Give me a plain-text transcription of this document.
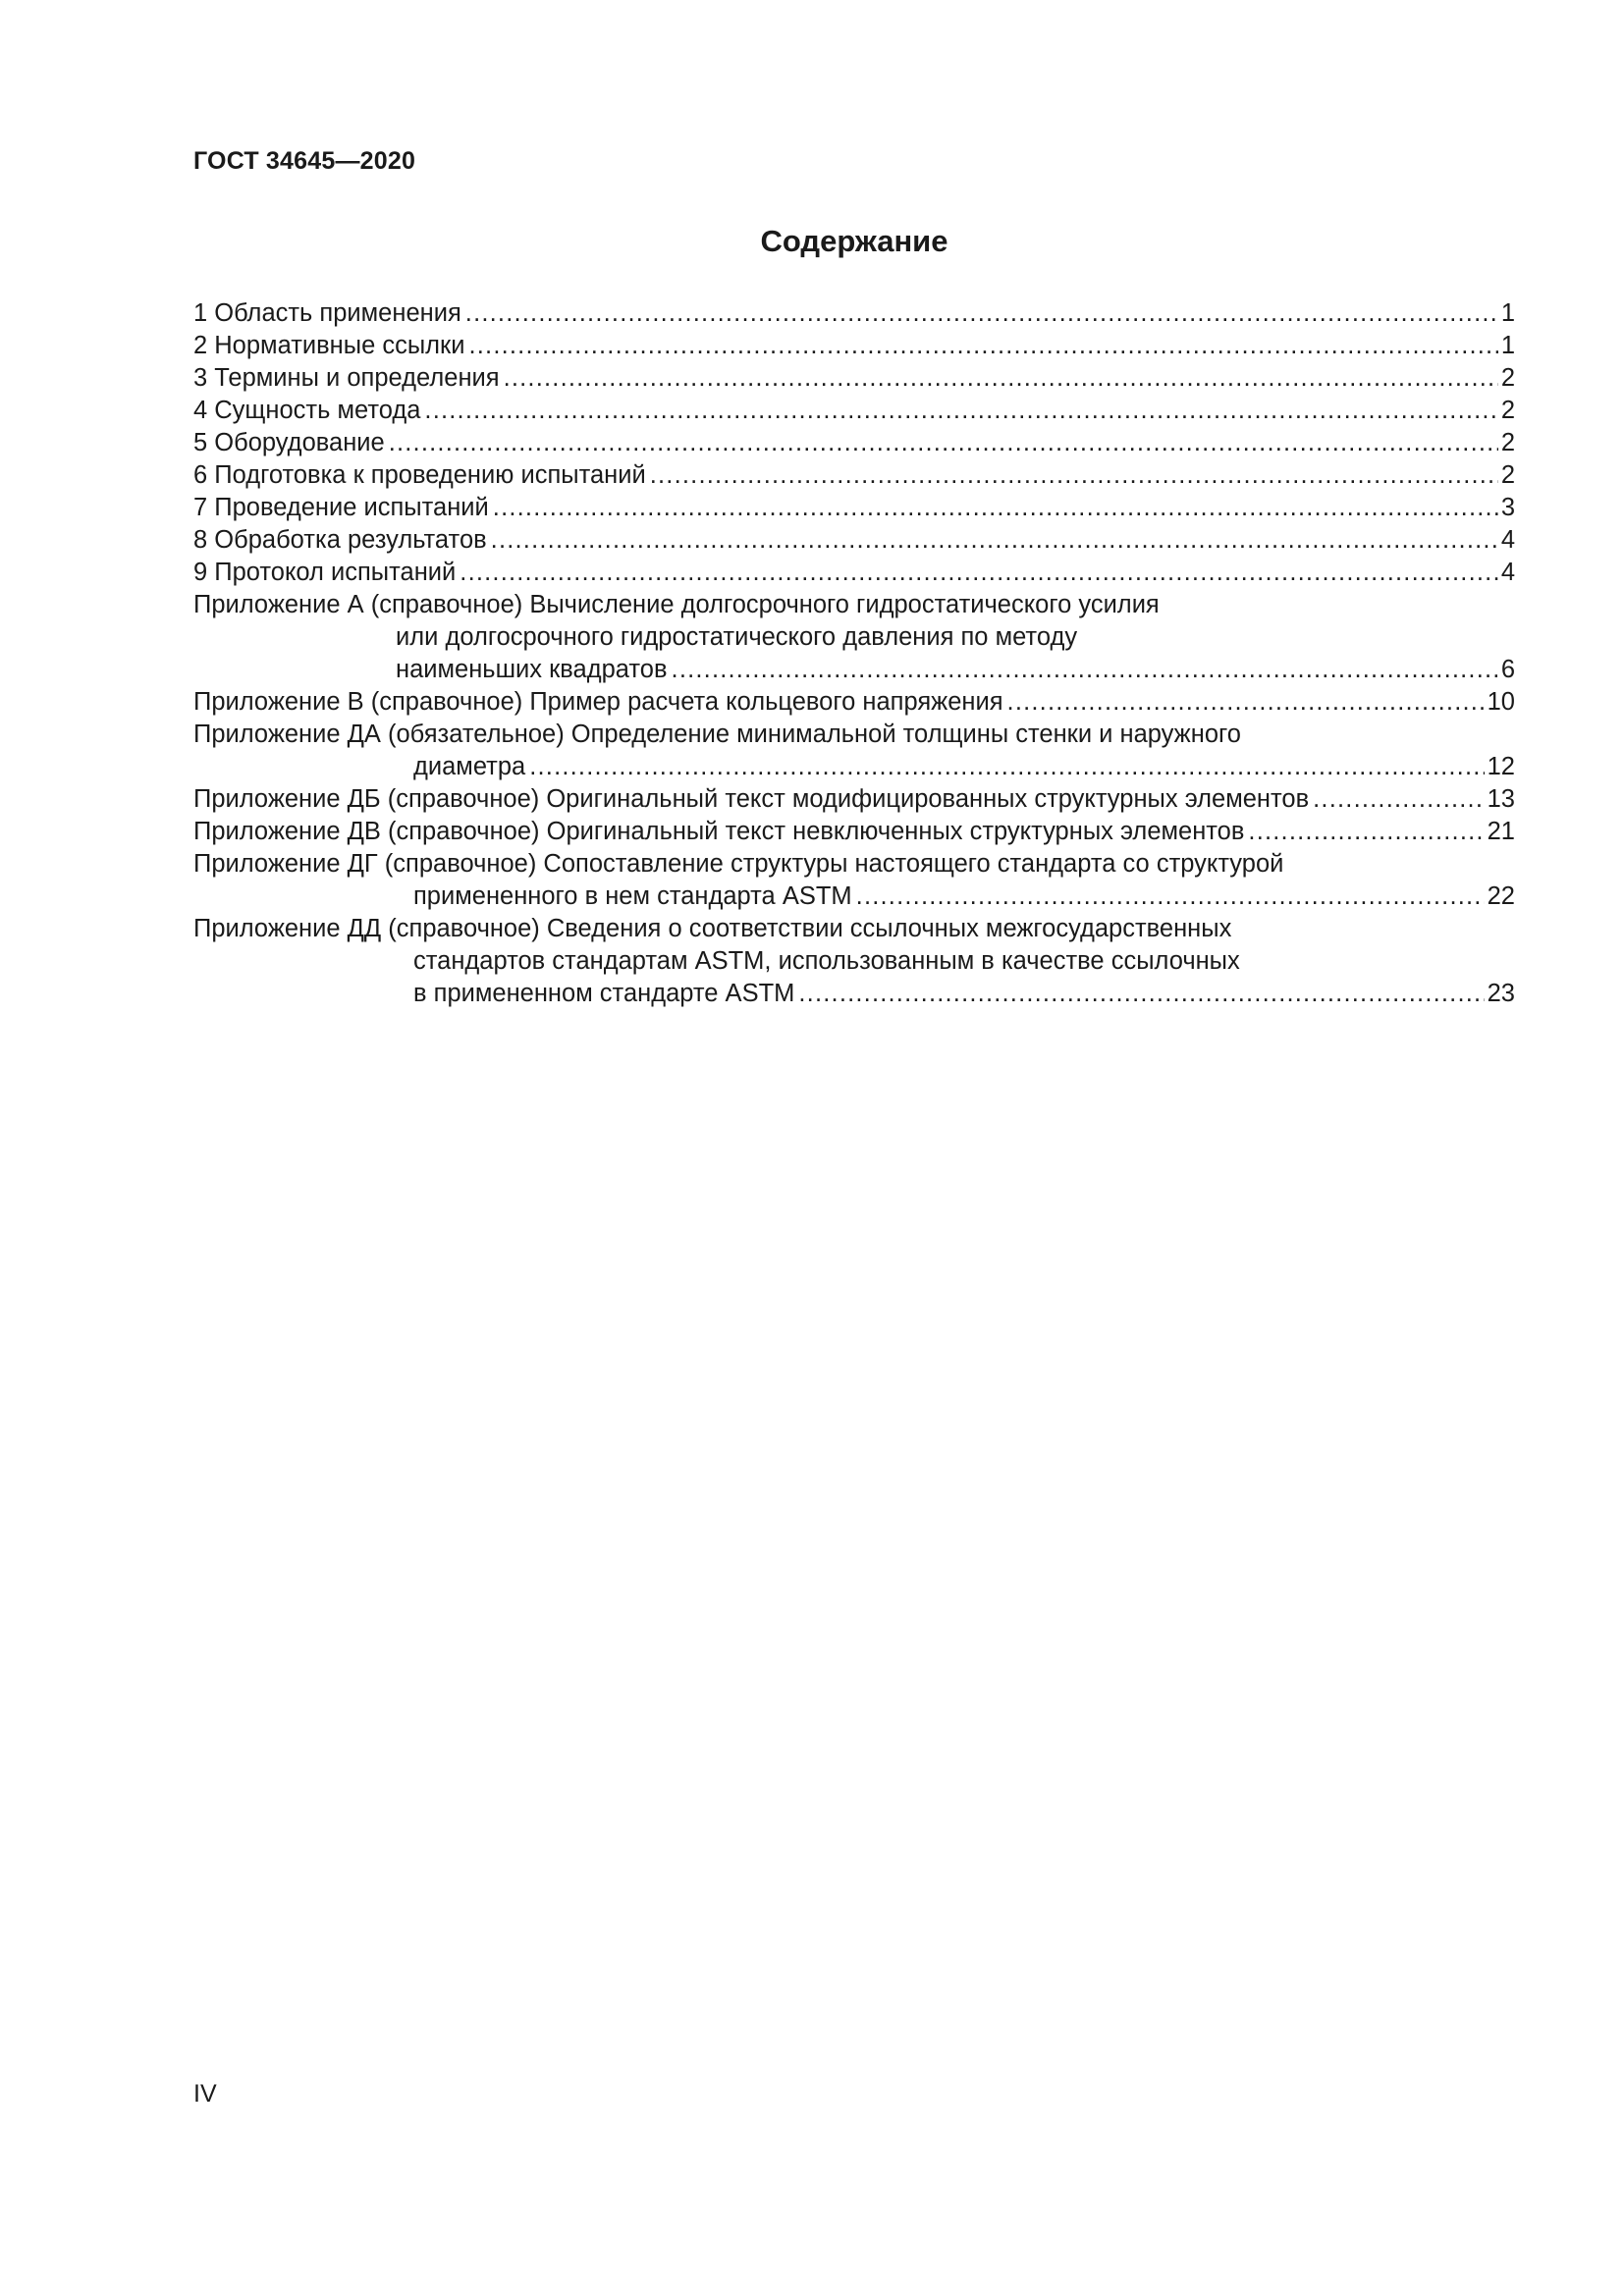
ГОСТ 34645—2020
Содержание
1 Область применения .....	1
2 Нормативные ссылки .....	1
3 Термины и определения .....	2
4 Сущность метода .....	2
5 Оборудование .....	2
6 Подготовка к проведению испытаний .....	2
7 Проведение испытаний .....	3
8 Обработка результатов .....	4
9 Протокол испытаний .....	4
Приложение А (справочное) Вычисление долгосрочного гидростатического усилия
или долгосрочного гидростатического давления по методу
наименьших квадратов .....	6
Приложение В (справочное) Пример расчета кольцевого напряжения .....	10
Приложение ДА (обязательное) Определение минимальной толщины стенки и наружного
диаметра .....	12
Приложение ДБ (справочное) Оригинальный текст модифицированных структурных элементов .....	13
Приложение ДВ (справочное) Оригинальный текст невключенных структурных элементов .....	21
Приложение ДГ (справочное) Сопоставление структуры настоящего стандарта со структурой
примененного в нем стандарта ASTM .....	22
Приложение ДД (справочное) Сведения о соответствии ссылочных межгосударственных
стандартов стандартам ASTM, использованным в качестве ссылочных
в примененном стандарте ASTM .....	23
IV
